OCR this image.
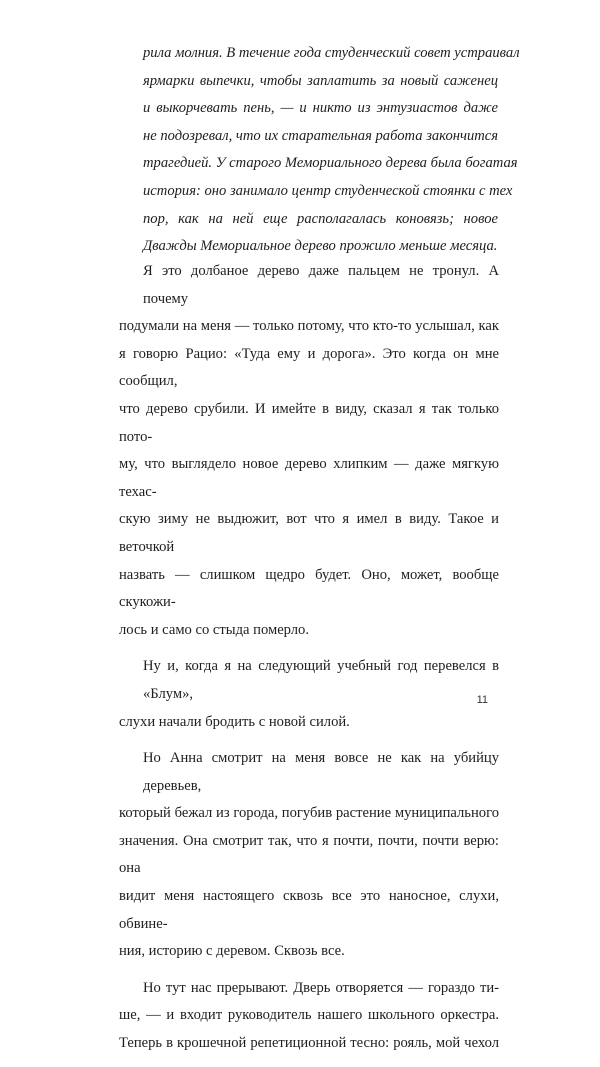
рила молния. В течение года студенческий совет устраивал
ярмарки выпечки, чтобы заплатить за новый саженец
и выкорчевать пень, — и никто из энтузиастов даже
не подозревал, что их старательная работа закончится
трагедией. У старого Мемориального дерева была богатая
история: оно занимало центр студенческой стоянки с тех
пор, как на ней еще располагалась коновязь; новое
Дважды Мемориальное дерево прожило меньше месяца.

Я это долбаное дерево даже пальцем не тронул. А почему
подумали на меня — только потому, что кто-то услышал, как
я говорю Рацио: «Туда ему и дорога». Это когда он мне сообщил,
что дерево срубили. И имейте в виду, сказал я так только пото-
му, что выглядело новое дерево хлипким — даже мягкую техас-
скую зиму не выдюжит, вот что я имел в виду. Такое и веточкой
назвать — слишком щедро будет. Оно, может, вообще скукожи-
лось и само со стыда померло.

Ну и, когда я на следующий учебный год перевелся в «Блум»,
слухи начали бродить с новой силой.

Но Анна смотрит на меня вовсе не как на убийцу деревьев,
который бежал из города, погубив растение муниципального
значения. Она смотрит так, что я почти, почти, почти верю: она
видит меня настоящего сквозь все это наносное, слухи, обвине-
ния, историю с деревом. Сквозь все.

Но тут нас прерывают. Дверь отворяется — гораздо ти-
ше, — и входит руководитель нашего школьного оркестра.
Теперь в крошечной репетиционной тесно: рояль, мой чехол

11
